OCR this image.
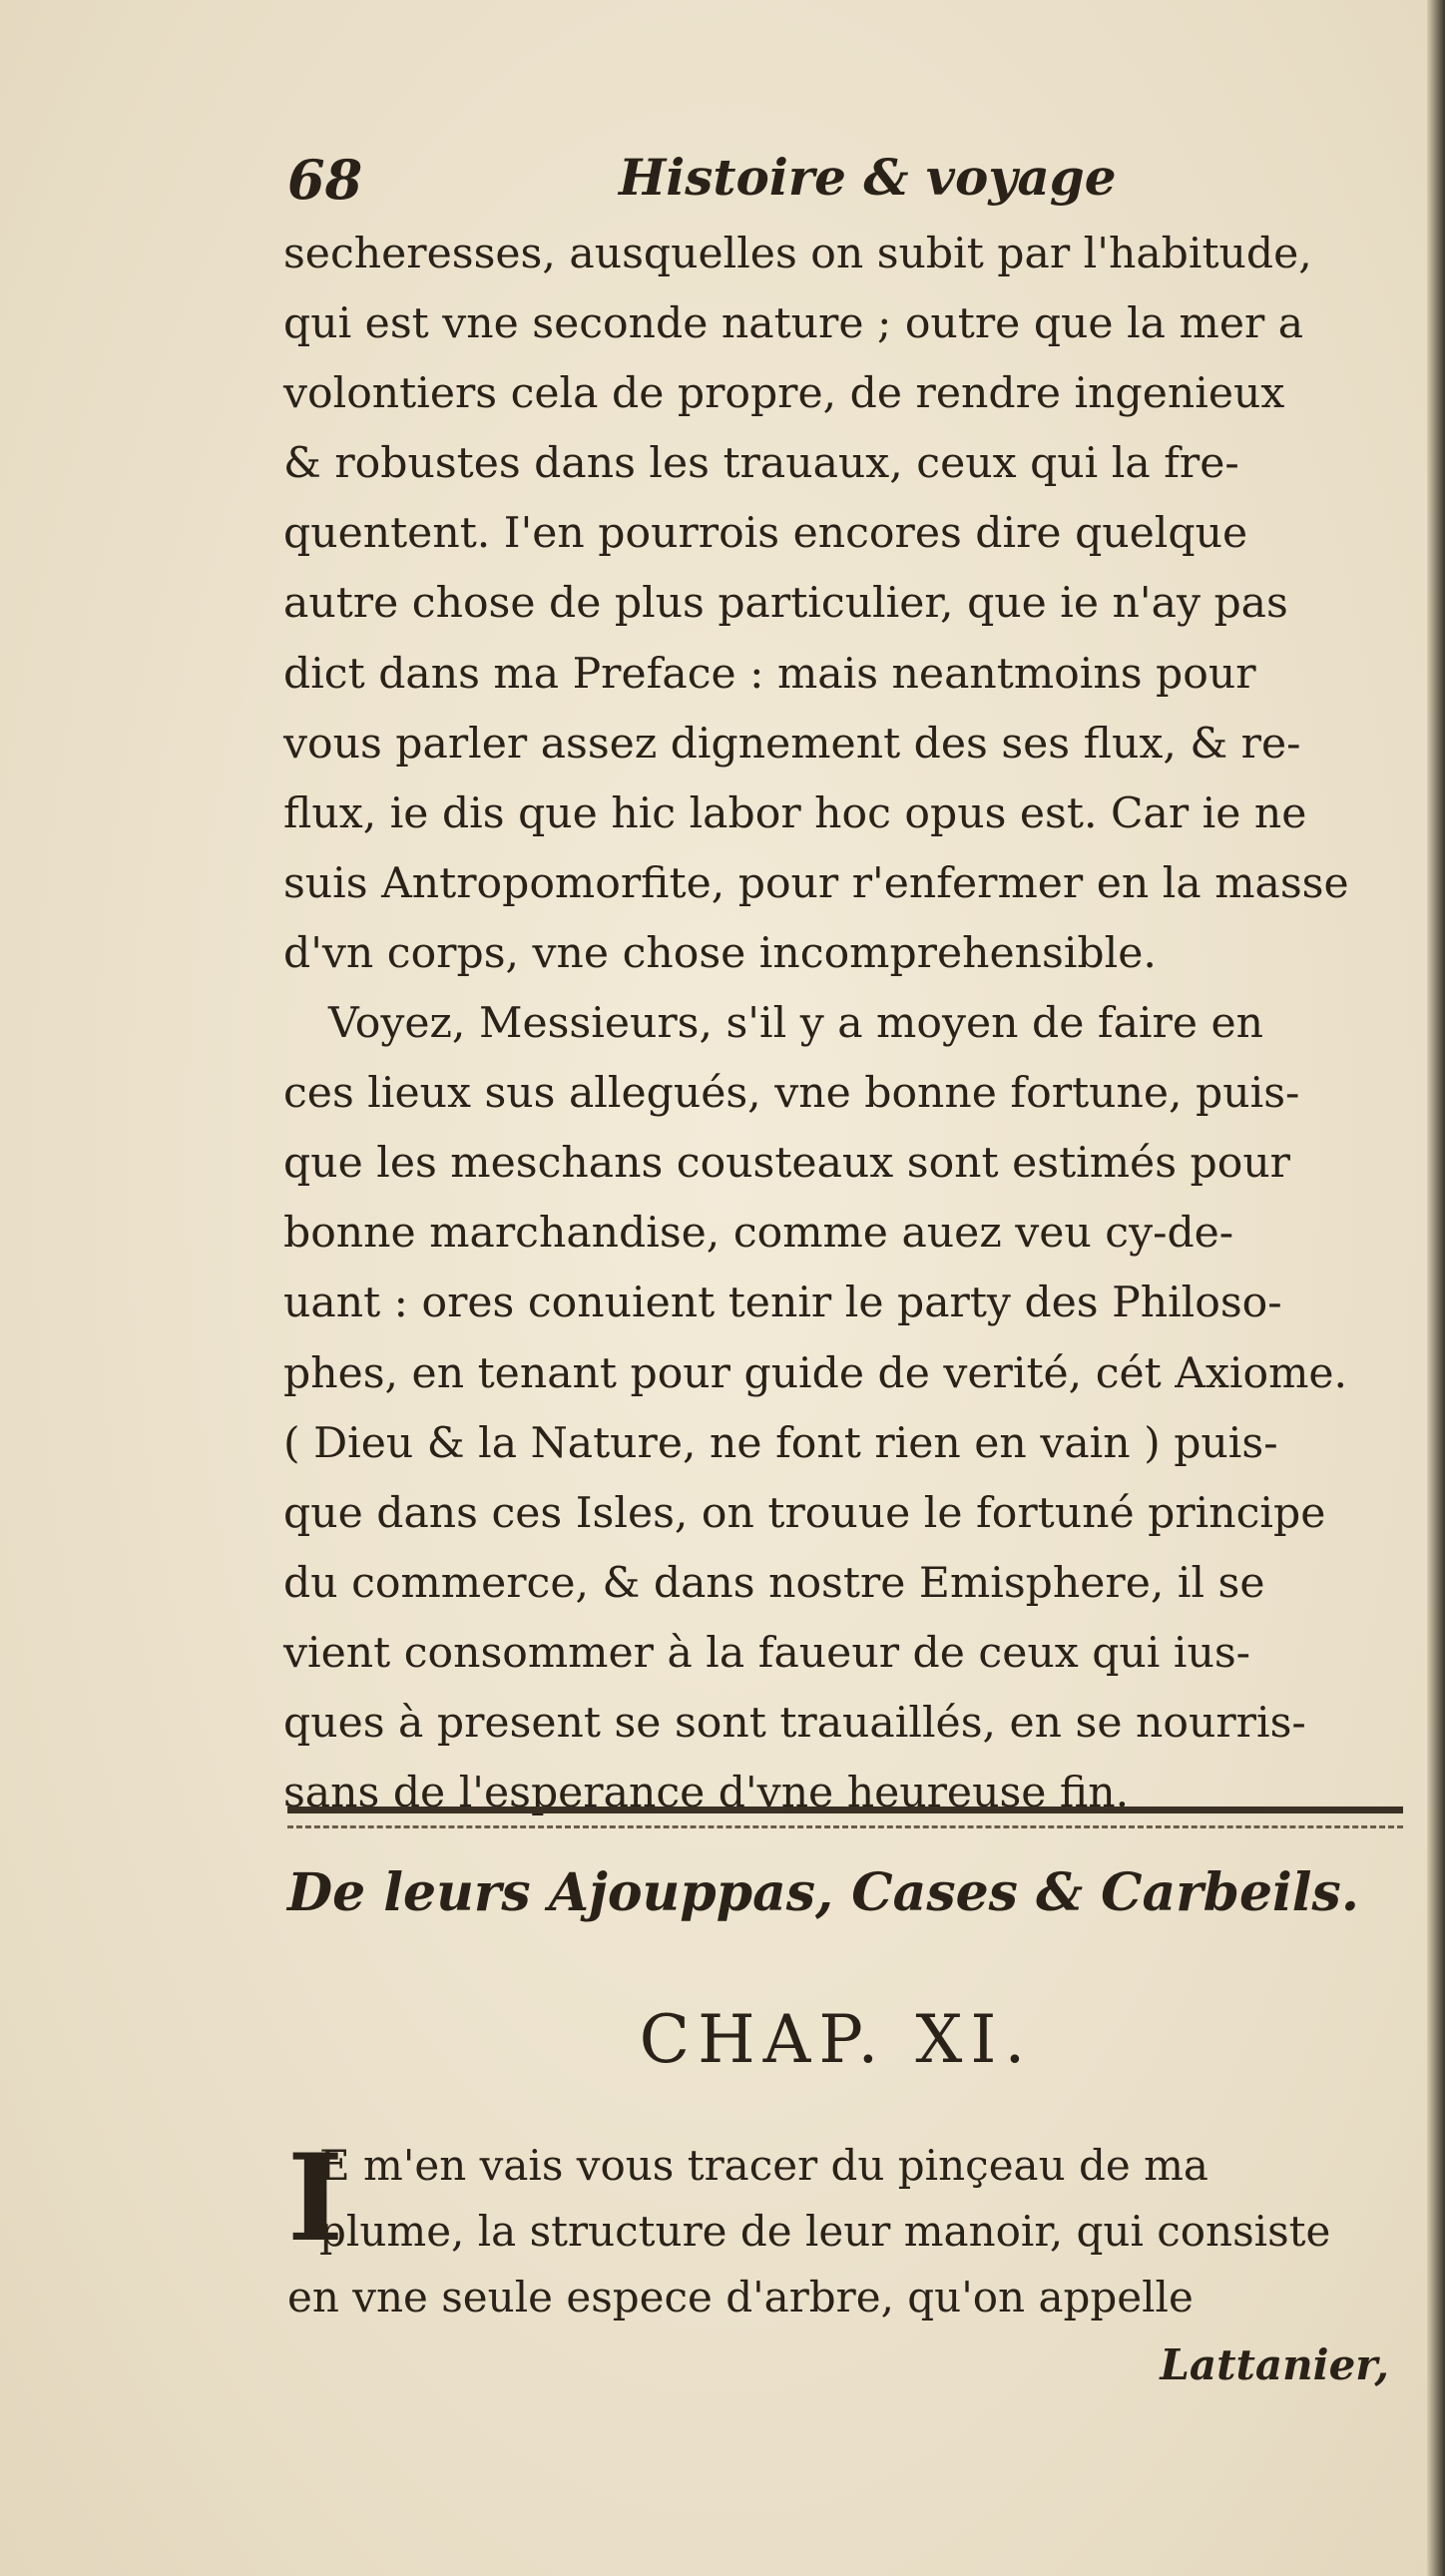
68	Histoire & voyage
secheresses, ausquelles on subit par l'habitude,
qui est vne seconde nature ; outre que la mer a
volontiers cela de propre, de rendre ingenieux
& robustes dans les trauaux, ceux qui la fre-
quentent. I'en pourrois encores dire quelque
autre chose de plus particulier, que ie n'ay pas
dict dans ma Preface : mais neantmoins pour
vous parler assez dignement des ses flux, & re-
flux, ie dis que hic labor hoc opus est. Car ie ne
suis Antropomorfite, pour r'enfermer en la masse
d'vn corps, vne chose incomprehensible.
Voyez, Messieurs, s'il y a moyen de faire en
ces lieux sus allegués, vne bonne fortune, puis-
que les meschans cousteaux sont estimés pour
bonne marchandise, comme auez veu cy-de-
uant : ores conuient tenir le party des Philoso-
phes, en tenant pour guide de verité, cét Axiome.
( Dieu & la Nature, ne font rien en vain ) puis-
que dans ces Isles, on trouue le fortuné principe
du commerce, & dans nostre Emisphere, il se
vient consommer à la faueur de ceux qui ius-
ques à present se sont trauaillés, en se nourris-
sans de l'esperance d'vne heureuse fin.
De leurs Ajouppas, Cases & Carbeils.
CHAP. XI.
I
E m'en vais vous tracer du pinçeau de ma
plume, la structure de leur manoir, qui consiste
en vne seule espece d'arbre, qu'on appelle
Lattanier,
